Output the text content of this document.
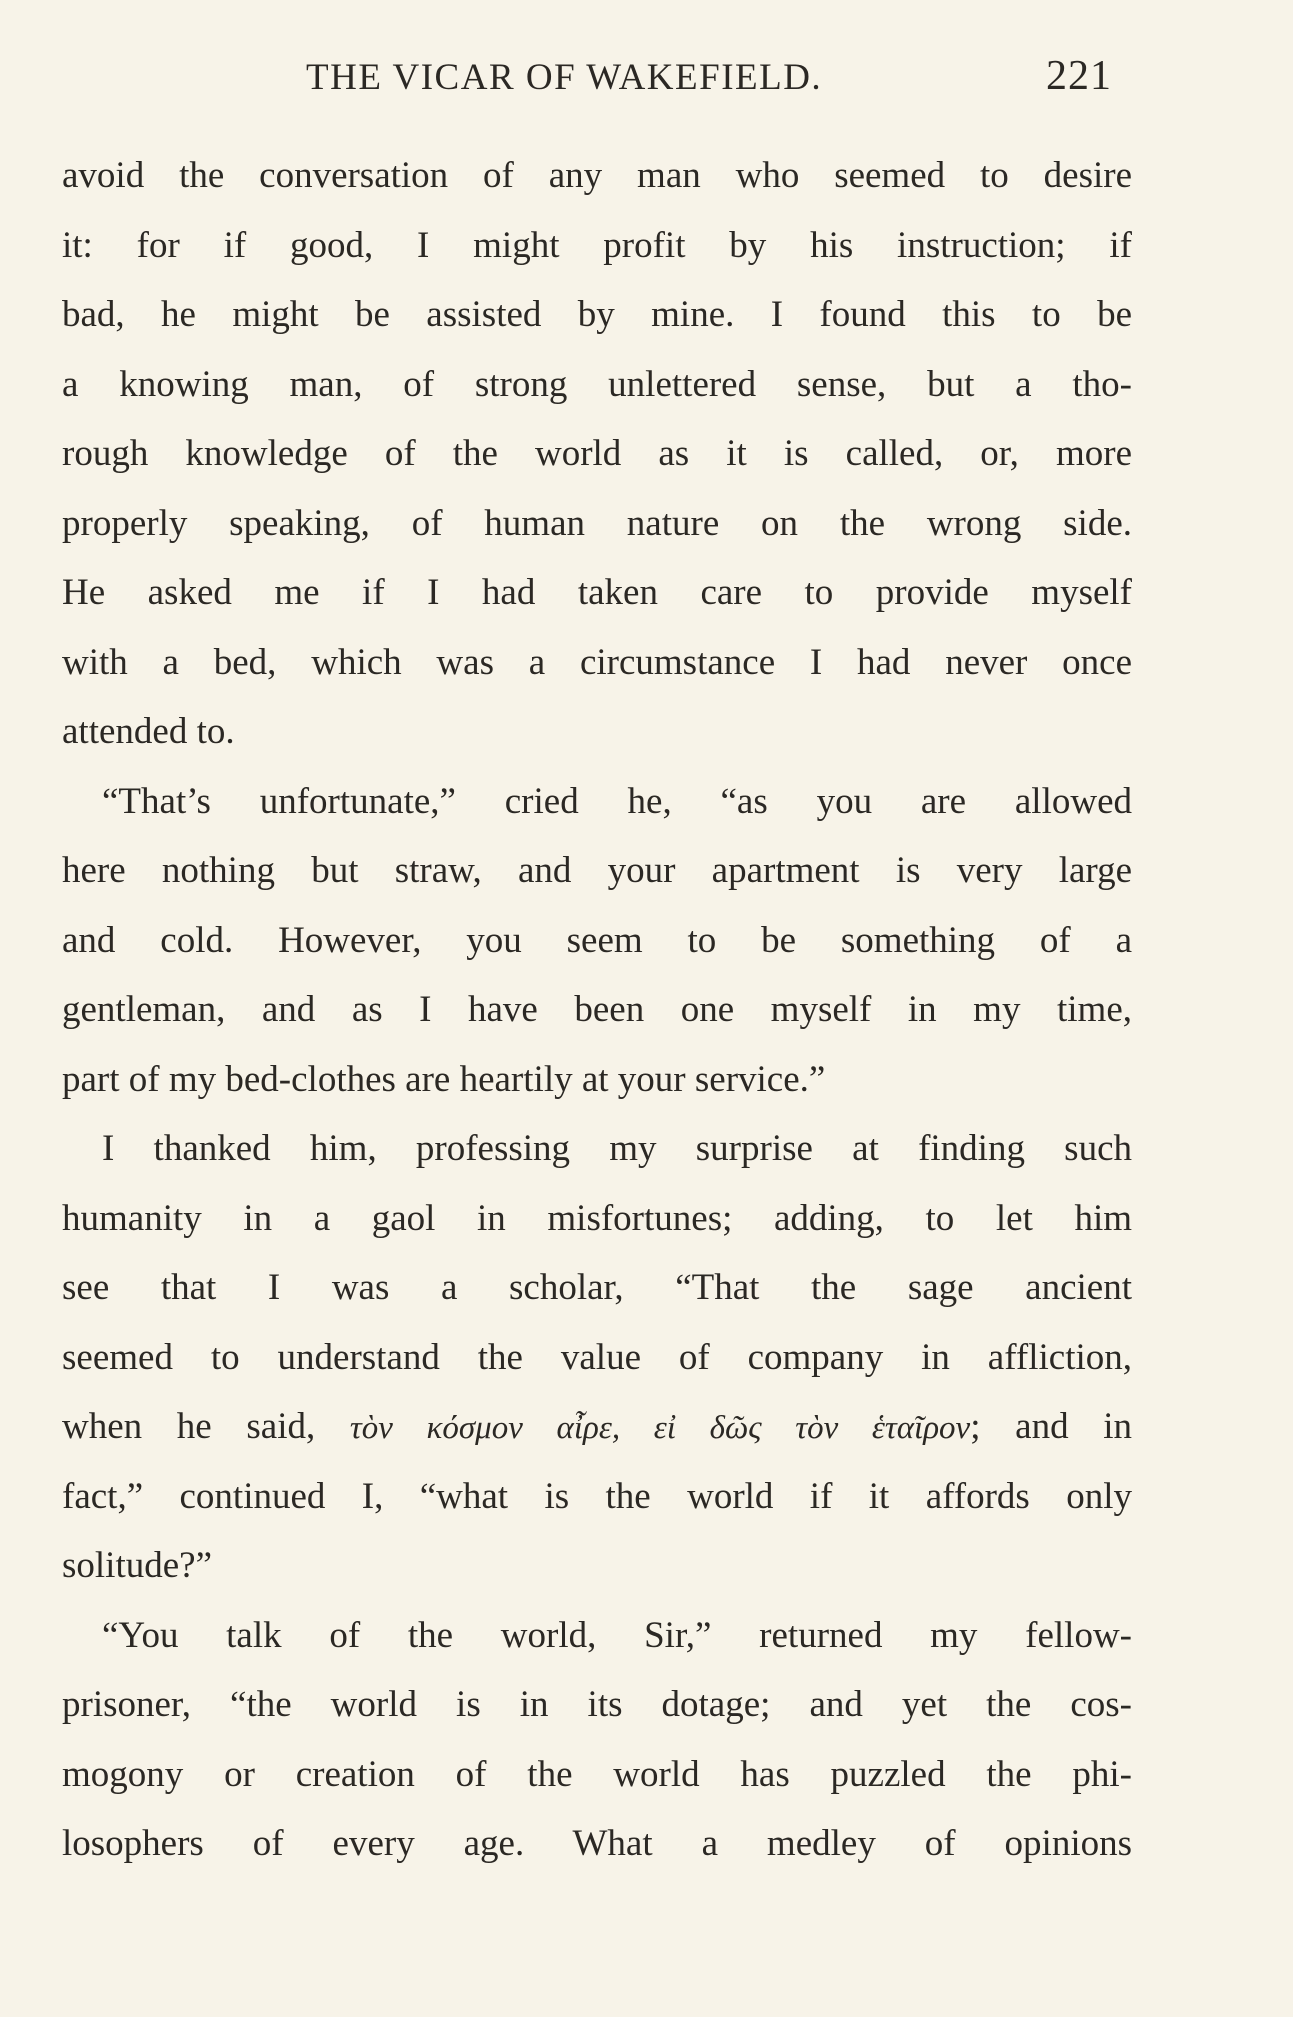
THE VICAR OF WAKEFIELD.	221
avoid the conversation of any man who seemed to desire
it: for if good, I might profit by his instruction; if
bad, he might be assisted by mine. I found this to be
a knowing man, of strong unlettered sense, but a tho-
rough knowledge of the world as it is called, or, more
properly speaking, of human nature on the wrong side.
He asked me if I had taken care to provide myself
with a bed, which was a circumstance I had never once
attended to.
“That’s unfortunate,” cried he, “as you are allowed
here nothing but straw, and your apartment is very large
and cold. However, you seem to be something of a
gentleman, and as I have been one myself in my time,
part of my bed-clothes are heartily at your service.”
I thanked him, professing my surprise at finding such
humanity in a gaol in misfortunes; adding, to let him
see that I was a scholar, “That the sage ancient
seemed to understand the value of company in affliction,
when he said, τὸν κόσμον αἶρε, εἰ δῶς τὸν ἑταῖρον; and in
fact,” continued I, “what is the world if it affords only
solitude?”
“You talk of the world, Sir,” returned my fellow-
prisoner, “the world is in its dotage; and yet the cos-
mogony or creation of the world has puzzled the phi-
losophers of every age. What a medley of opinions
